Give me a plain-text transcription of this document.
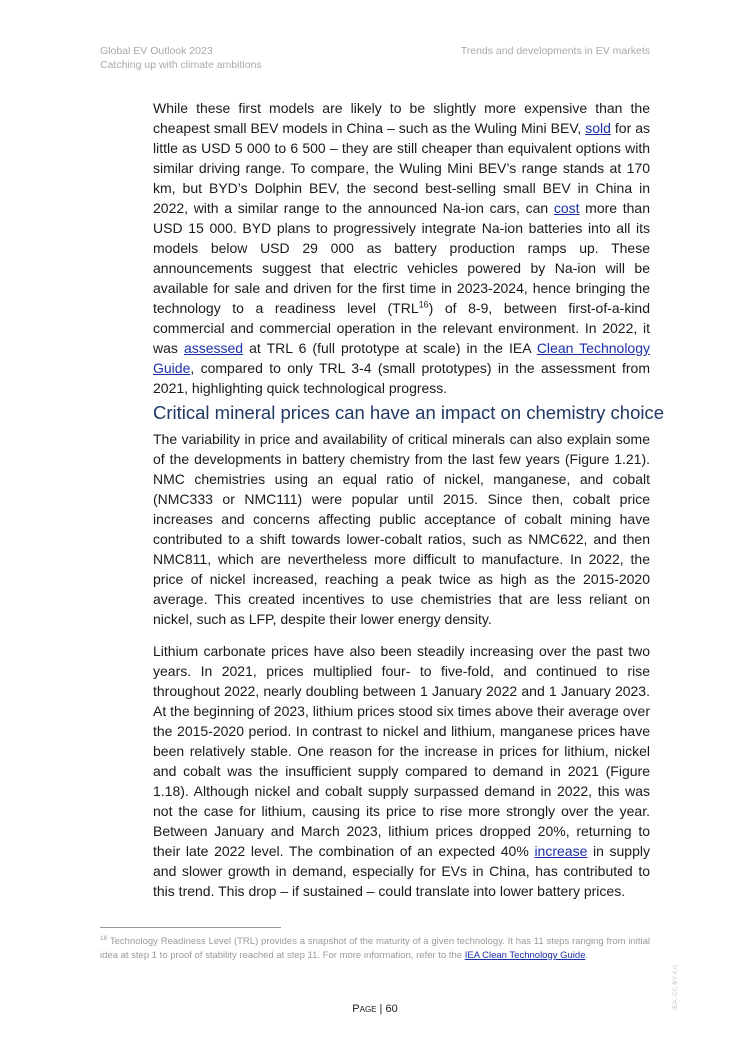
Global EV Outlook 2023
Catching up with climate ambitions
Trends and developments in EV markets
While these first models are likely to be slightly more expensive than the cheapest small BEV models in China – such as the Wuling Mini BEV, sold for as little as USD 5 000 to 6 500 – they are still cheaper than equivalent options with similar driving range. To compare, the Wuling Mini BEV’s range stands at 170 km, but BYD’s Dolphin BEV, the second best-selling small BEV in China in 2022, with a similar range to the announced Na-ion cars, can cost more than USD 15 000. BYD plans to progressively integrate Na-ion batteries into all its models below USD 29 000 as battery production ramps up. These announcements suggest that electric vehicles powered by Na-ion will be available for sale and driven for the first time in 2023-2024, hence bringing the technology to a readiness level (TRL$^{16}$) of 8-9, between first-of-a-kind commercial and commercial operation in the relevant environment. In 2022, it was assessed at TRL 6 (full prototype at scale) in the IEA Clean Technology Guide, compared to only TRL 3-4 (small prototypes) in the assessment from 2021, highlighting quick technological progress.
Critical mineral prices can have an impact on chemistry choice
The variability in price and availability of critical minerals can also explain some of the developments in battery chemistry from the last few years (Figure 1.21). NMC chemistries using an equal ratio of nickel, manganese, and cobalt (NMC333 or NMC111) were popular until 2015. Since then, cobalt price increases and concerns affecting public acceptance of cobalt mining have contributed to a shift towards lower-cobalt ratios, such as NMC622, and then NMC811, which are nevertheless more difficult to manufacture. In 2022, the price of nickel increased, reaching a peak twice as high as the 2015-2020 average. This created incentives to use chemistries that are less reliant on nickel, such as LFP, despite their lower energy density.
Lithium carbonate prices have also been steadily increasing over the past two years. In 2021, prices multiplied four- to five-fold, and continued to rise throughout 2022, nearly doubling between 1 January 2022 and 1 January 2023. At the beginning of 2023, lithium prices stood six times above their average over the 2015-2020 period. In contrast to nickel and lithium, manganese prices have been relatively stable. One reason for the increase in prices for lithium, nickel and cobalt was the insufficient supply compared to demand in 2021 (Figure 1.18). Although nickel and cobalt supply surpassed demand in 2022, this was not the case for lithium, causing its price to rise more strongly over the year. Between January and March 2023, lithium prices dropped 20%, returning to their late 2022 level. The combination of an expected 40% increase in supply and slower growth in demand, especially for EVs in China, has contributed to this trend. This drop – if sustained – could translate into lower battery prices.
$^{16}$ Technology Readiness Level (TRL) provides a snapshot of the maturity of a given technology. It has 11 steps ranging from initial idea at step 1 to proof of stability reached at step 11. For more information, refer to the IEA Clean Technology Guide.
IEA. CC BY 4.0.
Page | 60
